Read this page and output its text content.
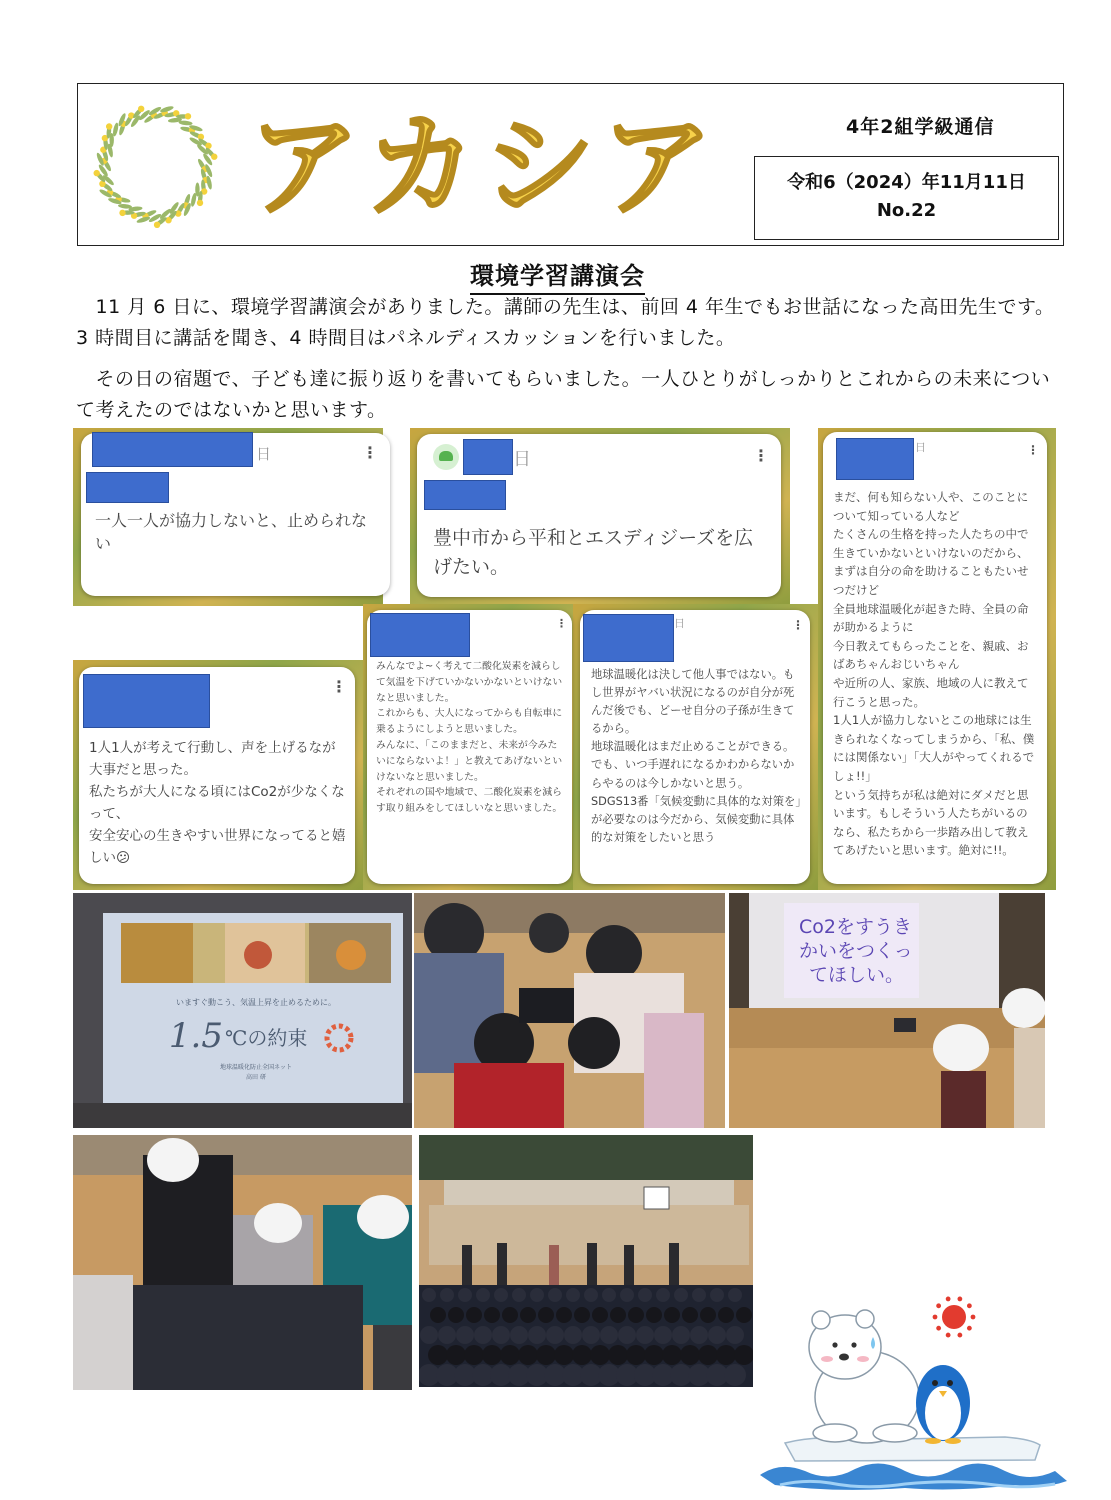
アカシア	4年2組学級通信
令和6（2024）年11月11日
No.22
環境学習講演会
　11 月 6 日に、環境学習講演会がありました。講師の先生は、前回 4 年生でもお世話になった高田先生です。3 時間目に講話を聞き、4 時間目はパネルディスカッションを行いました。
　その日の宿題で、子ども達に振り返りを書いてもらいました。一人ひとりがしっかりとこれからの未来について考えたのではないかと思います。
日	⋮
一人一人が協力しないと、止められない
日	⋮
豊中市から平和とエスディジーズを広げたい。
日	⋮
まだ、何も知らない人や、このことについて知っている人など
たくさんの生格を持った人たちの中で生きていかないといけないのだから、まずは自分の命を助けることもたいせつだけど
全員地球温暖化が起きた時、全員の命が助かるように
今日教えてもらったことを、親戚、おばあちゃんおじいちゃん
や近所の人、家族、地域の人に教えて行こうと思った。
1人1人が協力しないとこの地球には生きられなくなってしまうから、「私、僕には関係ない」「大人がやってくれるでしょ!!」
という気持ちが私は絶対にダメだと思います。もしそういう人たちがいるのなら、私たちから一歩踏み出して教えてあげたいと思います。絶対に!!。
⋮
1人1人が考えて行動し、声を上げるなが大事だと思った。
私たちが大人になる頃にはCo2が少なくなって、
安全安心の生きやすい世界になってると嬉しい😕
⋮
みんなでよ~く考えて二酸化炭素を減らして気温を下げていかないかないといけないなと思いました。
これからも、大人になってからも自転車に乗るようにしようと思いました。
みんなに、「このままだと、未来が今みたいにならないよ！」と教えてあげないといけないなと思いました。
それぞれの国や地域で、二酸化炭素を減らす取り組みをしてほしいなと思いました。
日	⋮
地球温暖化は決して他人事ではない。もし世界がヤバい状況になるのが自分が死んだ後でも、どーせ自分の子孫が生きてるから。
地球温暖化はまだ止めることができる。でも、いつ手遅れになるかわからないからやるのは今しかないと思う。
SDGS13番「気候変動に具体的な対策を」が必要なのは今だから、気候変動に具体的な対策をしたいと思う
いますぐ動こう、気温上昇を止めるために。
1.5 ℃の約束
地球温暖化防止全国ネット
高田 研
Co2をすうき
かいをつくっ
てほしい。
